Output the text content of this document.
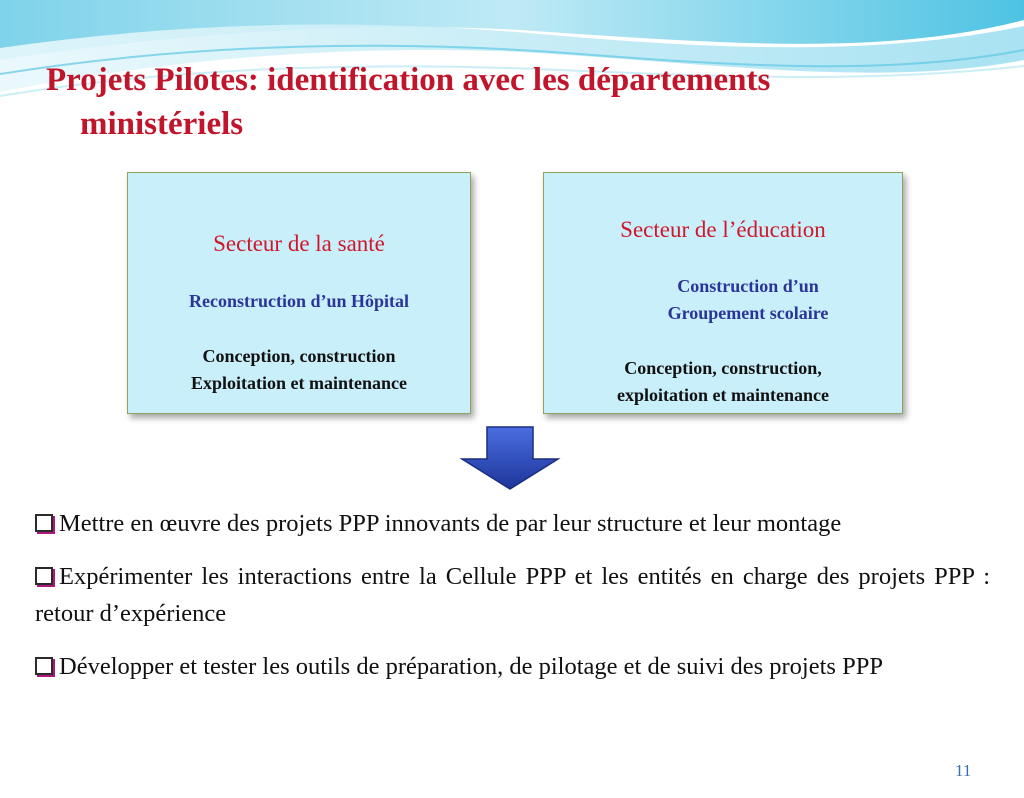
Projets Pilotes: identification avec les départements
ministériels
Secteur de la santé
Reconstruction d’un Hôpital
Conception, construction
Exploitation et maintenance
Secteur de l’éducation
Construction d’un
Groupement scolaire
Conception, construction,
exploitation et maintenance
Mettre en œuvre des projets PPP innovants de par leur structure et leur montage
Expérimenter les interactions entre la Cellule PPP et les entités en charge des projets PPP : retour d’expérience
Développer et tester les outils de préparation, de pilotage et de suivi des projets PPP
11
